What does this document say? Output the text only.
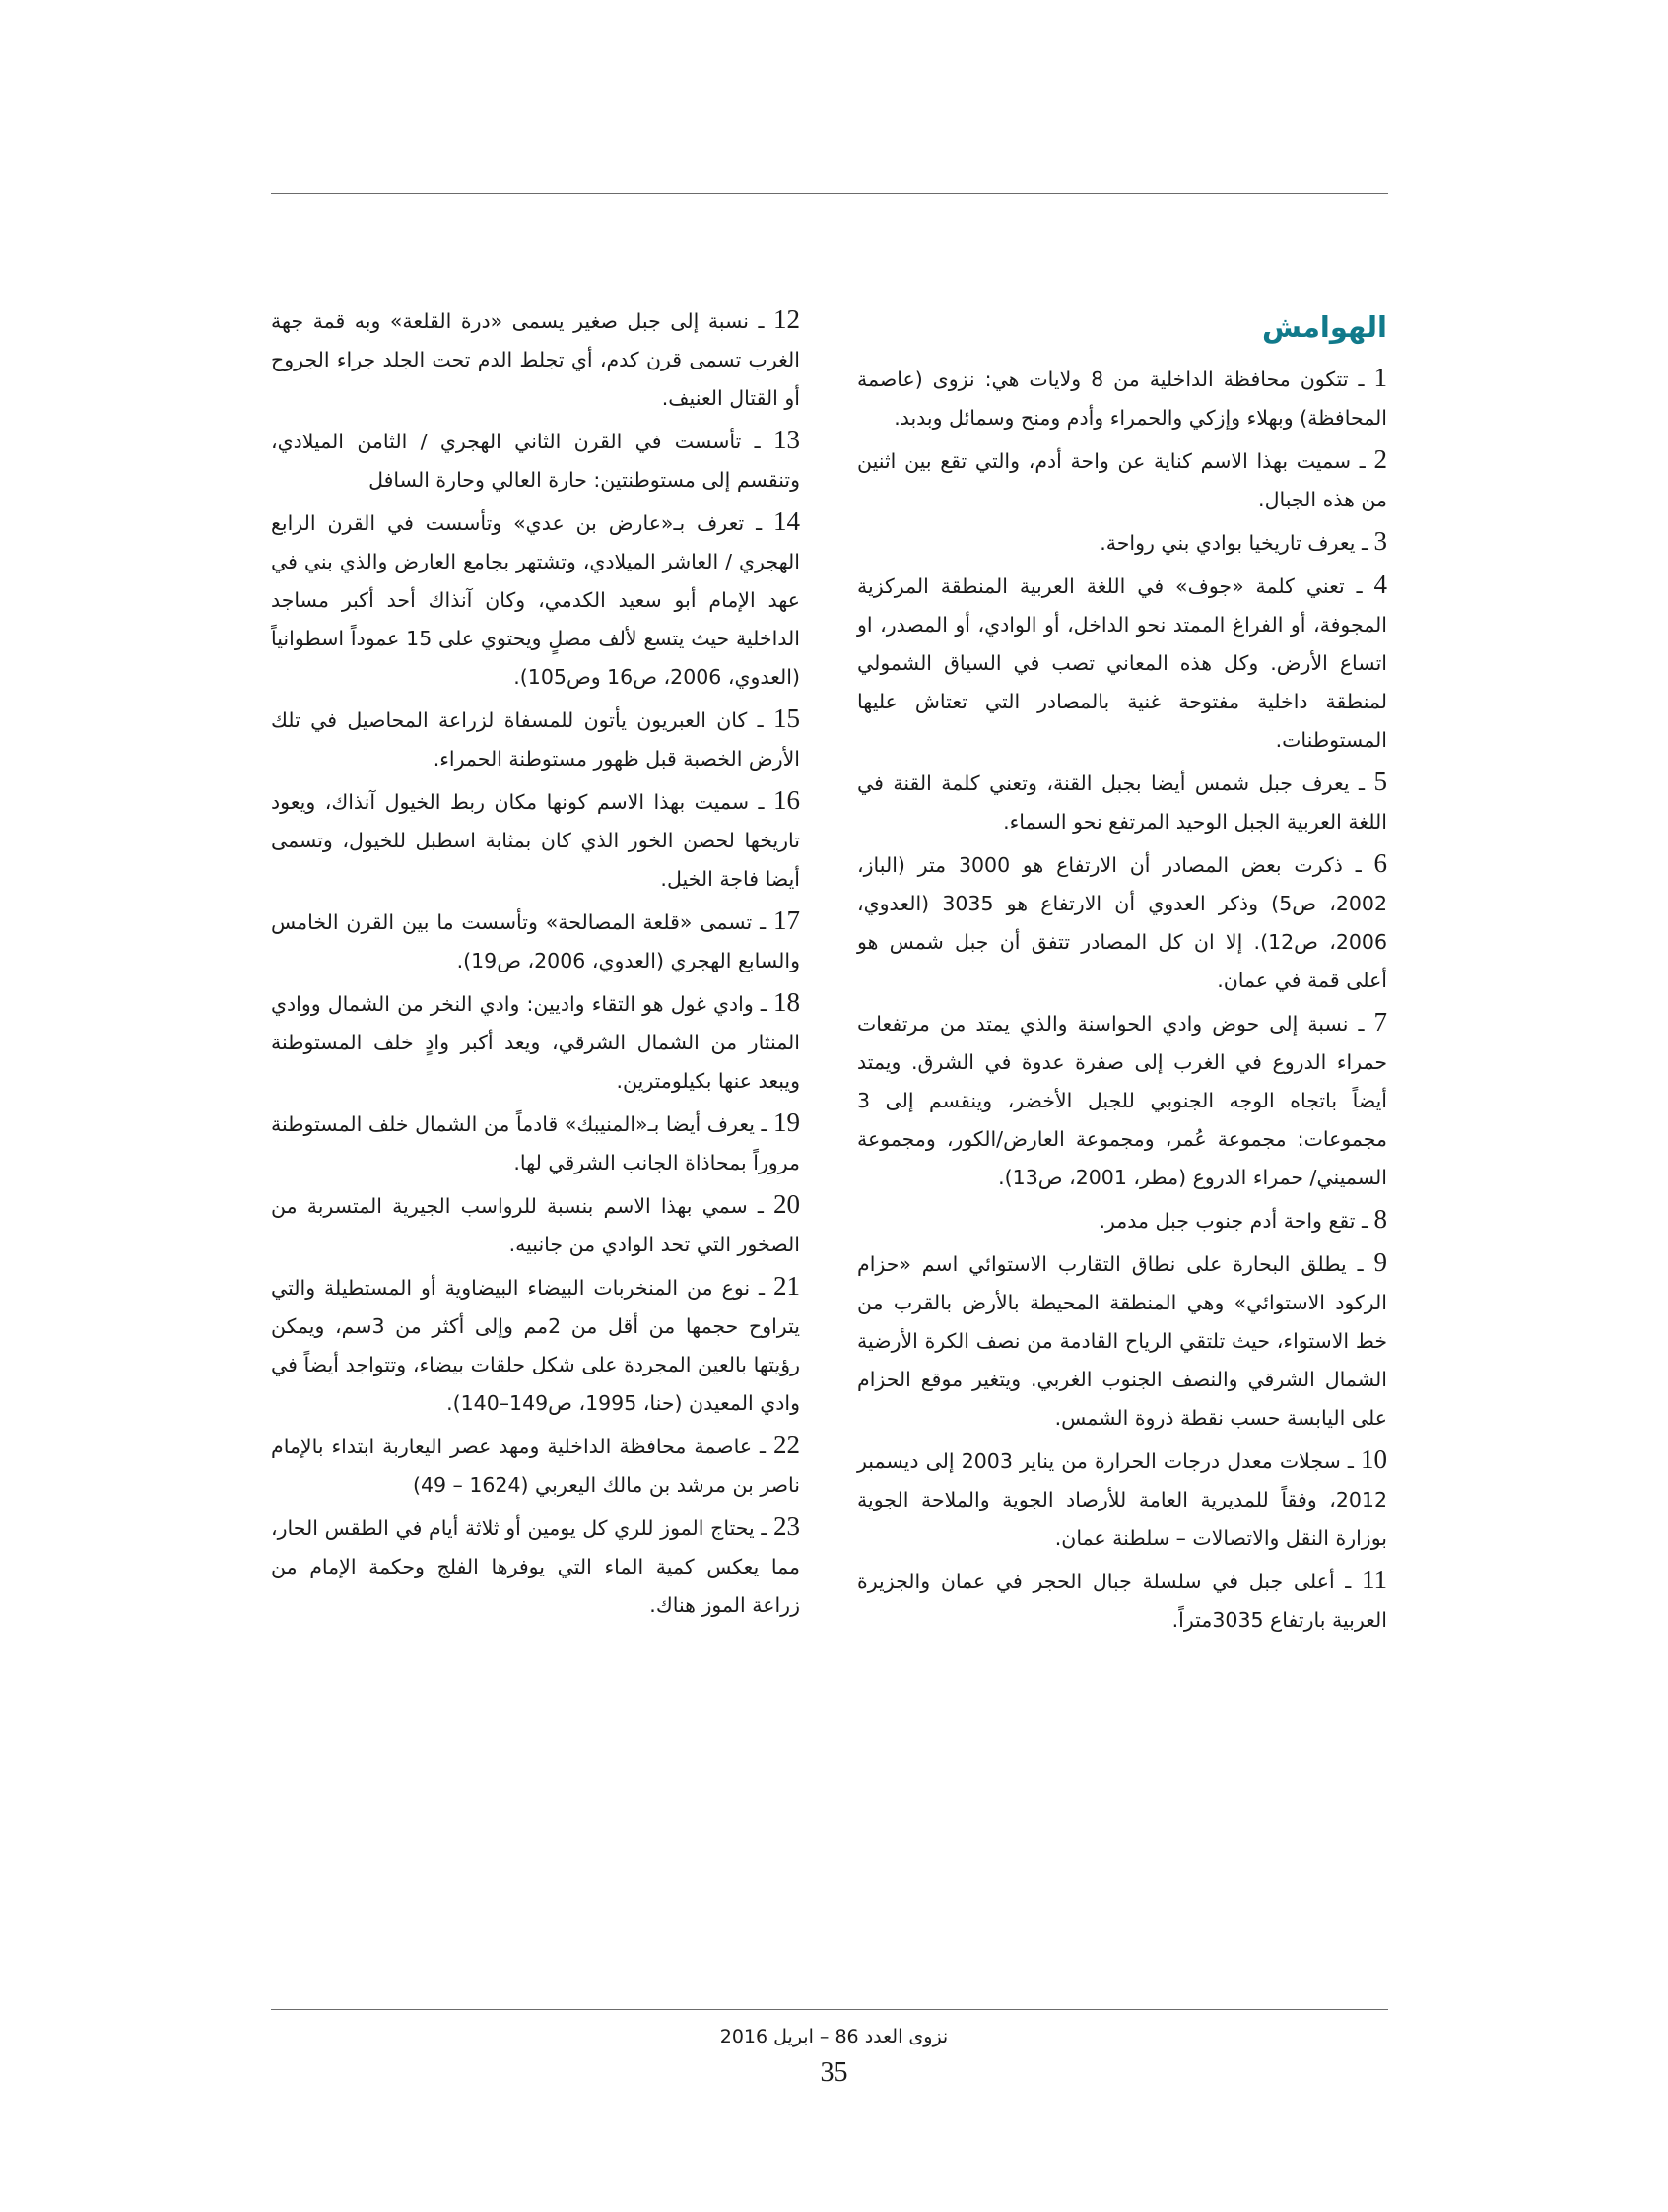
الهوامش

1 ـ تتكون محافظة الداخلية من 8 ولايات هي: نزوى (عاصمة المحافظة) وبهلاء وإزكي والحمراء وأدم ومنح وسمائل وبدبد.

2 ـ سميت بهذا الاسم كناية عن واحة أدم، والتي تقع بين اثنين من هذه الجبال.

3 ـ يعرف تاريخيا بوادي بني رواحة.

4 ـ تعني كلمة «جوف» في اللغة العربية المنطقة المركزية المجوفة، أو الفراغ الممتد نحو الداخل، أو الوادي، أو المصدر، او اتساع الأرض. وكل هذه المعاني تصب في السياق الشمولي لمنطقة داخلية مفتوحة غنية بالمصادر التي تعتاش عليها المستوطنات.

5 ـ يعرف جبل شمس أيضا بجبل القنة، وتعني كلمة القنة في اللغة العربية الجبل الوحيد المرتفع نحو السماء.

6 ـ ذكرت بعض المصادر أن الارتفاع هو 3000 متر (الباز، 2002، ص5) وذكر العدوي أن الارتفاع هو 3035 (العدوي، 2006، ص12). إلا ان كل المصادر تتفق أن جبل شمس هو أعلى قمة في عمان.

7 ـ نسبة إلى حوض وادي الحواسنة والذي يمتد من مرتفعات حمراء الدروع في الغرب إلى صفرة عدوة في الشرق. ويمتد أيضاً باتجاه الوجه الجنوبي للجبل الأخضر، وينقسم إلى 3 مجموعات: مجموعة عُمر، ومجموعة العارض/الكور، ومجموعة السميني/ حمراء الدروع (مطر، 2001، ص13).

8 ـ تقع واحة أدم جنوب جبل مدمر.

9 ـ يطلق البحارة على نطاق التقارب الاستوائي اسم «حزام الركود الاستوائي» وهي المنطقة المحيطة بالأرض بالقرب من خط الاستواء، حيث تلتقي الرياح القادمة من نصف الكرة الأرضية الشمال الشرقي والنصف الجنوب الغربي. ويتغير موقع الحزام على اليابسة حسب نقطة ذروة الشمس.

10 ـ سجلات معدل درجات الحرارة من يناير 2003 إلى ديسمبر 2012، وفقاً للمديرية العامة للأرصاد الجوية والملاحة الجوية بوزارة النقل والاتصالات – سلطنة عمان.

11 ـ أعلى جبل في سلسلة جبال الحجر في عمان والجزيرة العربية بارتفاع 3035متراً.

12 ـ نسبة إلى جبل صغير يسمى «درة القلعة» وبه قمة جهة الغرب تسمى قرن كدم، أي تجلط الدم تحت الجلد جراء الجروح أو القتال العنيف.

13 ـ تأسست في القرن الثاني الهجري / الثامن الميلادي، وتنقسم إلى مستوطنتين: حارة العالي وحارة السافل

14 ـ تعرف بـ«عارض بن عدي» وتأسست في القرن الرابع الهجري / العاشر الميلادي، وتشتهر بجامع العارض والذي بني في عهد الإمام أبو سعيد الكدمي، وكان آنذاك أحد أكبر مساجد الداخلية حيث يتسع لألف مصلٍ ويحتوي على 15 عموداً اسطوانياً (العدوي، 2006، ص16 وص105).

15 ـ كان العبريون يأتون للمسفاة لزراعة المحاصيل في تلك الأرض الخصبة قبل ظهور مستوطنة الحمراء.

16 ـ سميت بهذا الاسم كونها مكان ربط الخيول آنذاك، ويعود تاريخها لحصن الخور الذي كان بمثابة اسطبل للخيول، وتسمى أيضا فاجة الخيل.

17 ـ تسمى «قلعة المصالحة» وتأسست ما بين القرن الخامس والسابع الهجري (العدوي، 2006، ص19).

18 ـ وادي غول هو التقاء واديين: وادي النخر من الشمال ووادي المنثار من الشمال الشرقي، ويعد أكبر وادٍ خلف المستوطنة ويبعد عنها بكيلومترين.

19 ـ يعرف أيضا بـ«المنيبك» قادماً من الشمال خلف المستوطنة مروراً بمحاذاة الجانب الشرقي لها.

20 ـ سمي بهذا الاسم بنسبة للرواسب الجيرية المتسربة من الصخور التي تحد الوادي من جانبيه.

21 ـ نوع من المنخربات البيضاء البيضاوية أو المستطيلة والتي يتراوح حجمها من أقل من 2مم وإلى أكثر من 3سم، ويمكن رؤيتها بالعين المجردة على شكل حلقات بيضاء، وتتواجد أيضاً في وادي المعيدن (حنا، 1995، ص149–140).

22 ـ عاصمة محافظة الداخلية ومهد عصر اليعاربة ابتداء بالإمام ناصر بن مرشد بن مالك اليعربي (1624 – 49)

23 ـ يحتاج الموز للري كل يومين أو ثلاثة أيام في الطقس الحار، مما يعكس كمية الماء التي يوفرها الفلج وحكمة الإمام من زراعة الموز هناك.

نزوى العدد 86 – ابريل 2016
35
